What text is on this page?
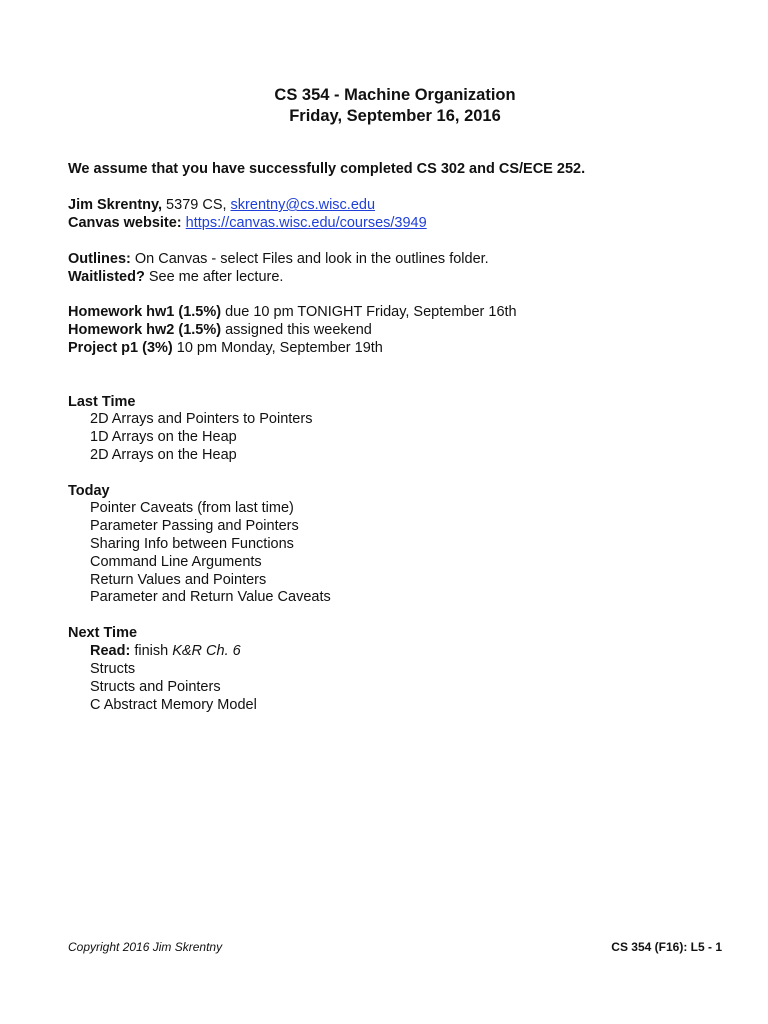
CS 354 - Machine Organization
Friday, September 16, 2016
We assume that you have successfully completed CS 302 and CS/ECE 252.
Jim Skrentny, 5379 CS, skrentny@cs.wisc.edu
Canvas website: https://canvas.wisc.edu/courses/3949
Outlines: On Canvas - select Files and look in the outlines folder.
Waitlisted? See me after lecture.
Homework hw1 (1.5%) due 10 pm TONIGHT Friday, September 16th
Homework hw2 (1.5%) assigned this weekend
Project p1 (3%) 10 pm Monday, September 19th
Last Time
2D Arrays and Pointers to Pointers
1D Arrays on the Heap
2D Arrays on the Heap
Today
Pointer Caveats (from last time)
Parameter Passing and Pointers
Sharing Info between Functions
Command Line Arguments
Return Values and Pointers
Parameter and Return Value Caveats
Next Time
Read: finish K&R Ch. 6
Structs
Structs and Pointers
C Abstract Memory Model
Copyright 2016 Jim Skrentny	CS 354 (F16): L5 - 1
